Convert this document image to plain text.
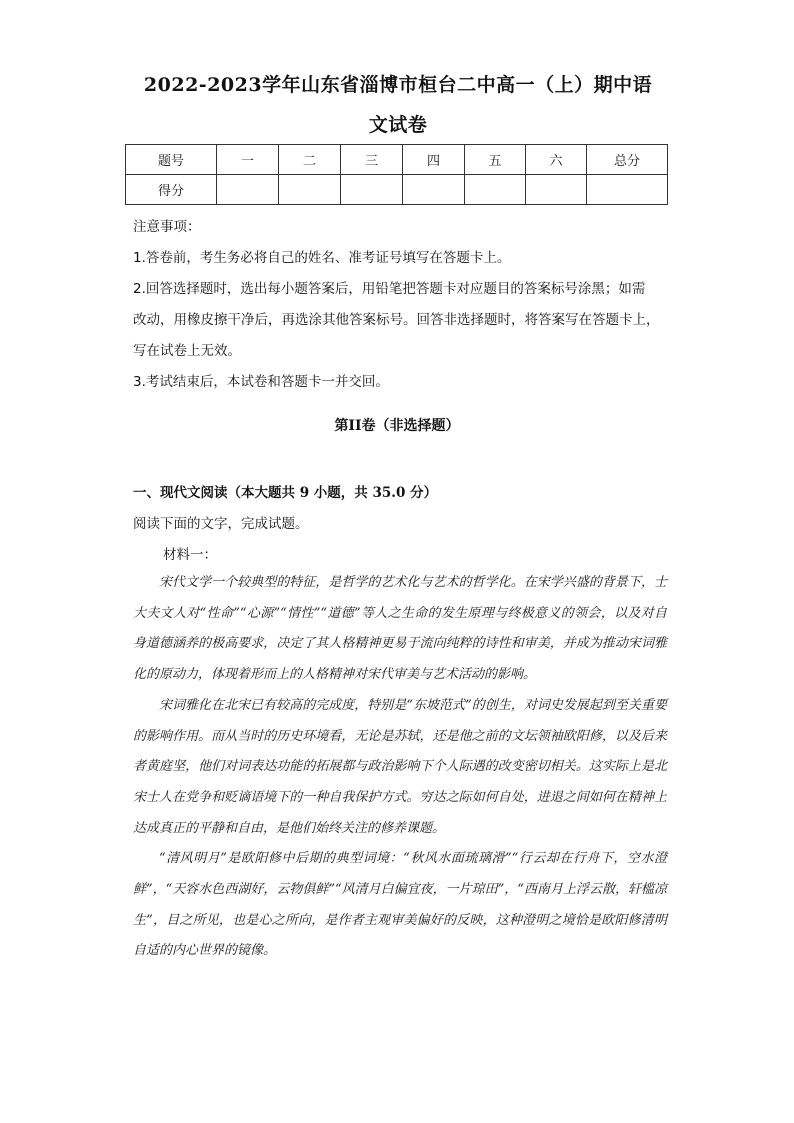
2022-2023学年山东省淄博市桓台二中高一（上）期中语
文试卷
题号	一	二	三	四	五	六	总分
得分							
注意事项：
1.答卷前，考生务必将自己的姓名、准考证号填写在答题卡上。
2.回答选择题时，选出每小题答案后，用铅笔把答题卡对应题目的答案标号涂黑；如需
改动，用橡皮擦干净后，再选涂其他答案标号。回答非选择题时，将答案写在答题卡上，
写在试卷上无效。
3.考试结束后，本试卷和答题卡一并交回。
第II卷（非选择题）
一、现代文阅读（本大题共 9 小题，共 35.0 分）
阅读下面的文字，完成试题。
材料一：

宋代文学一个较典型的特征，是哲学的艺术化与艺术的哲学化。在宋学兴盛的背景下，士大夫文人对“性命”“心源”“情性”“道德”等人之生命的发生原理与终极意义的领会，以及对自身道德涵养的极高要求，决定了其人格精神更易于流向纯粹的诗性和审美，并成为推动宋词雅化的原动力，体现着形而上的人格精神对宋代审美与艺术活动的影响。

宋词雅化在北宋已有较高的完成度，特别是“东坡范式”的创生，对词史发展起到至关重要的影响作用。而从当时的历史环境看，无论是苏轼，还是他之前的文坛领袖欧阳修，以及后来者黄庭坚，他们对词表达功能的拓展都与政治影响下个人际遇的改变密切相关。这实际上是北宋士人在党争和贬谪语境下的一种自我保护方式。穷达之际如何自处，进退之间如何在精神上达成真正的平静和自由，是他们始终关注的修养课题。

“清风明月”是欧阳修中后期的典型词境：“秋风水面琉璃滑”“行云却在行舟下，空水澄鲜”，“天容水色西湖好，云物俱鲜”“风清月白偏宜夜，一片琼田”，“西南月上浮云散，轩槛凉生”，目之所见，也是心之所向，是作者主观审美偏好的反映，这种澄明之境恰是欧阳修清明自适的内心世界的镜像。
